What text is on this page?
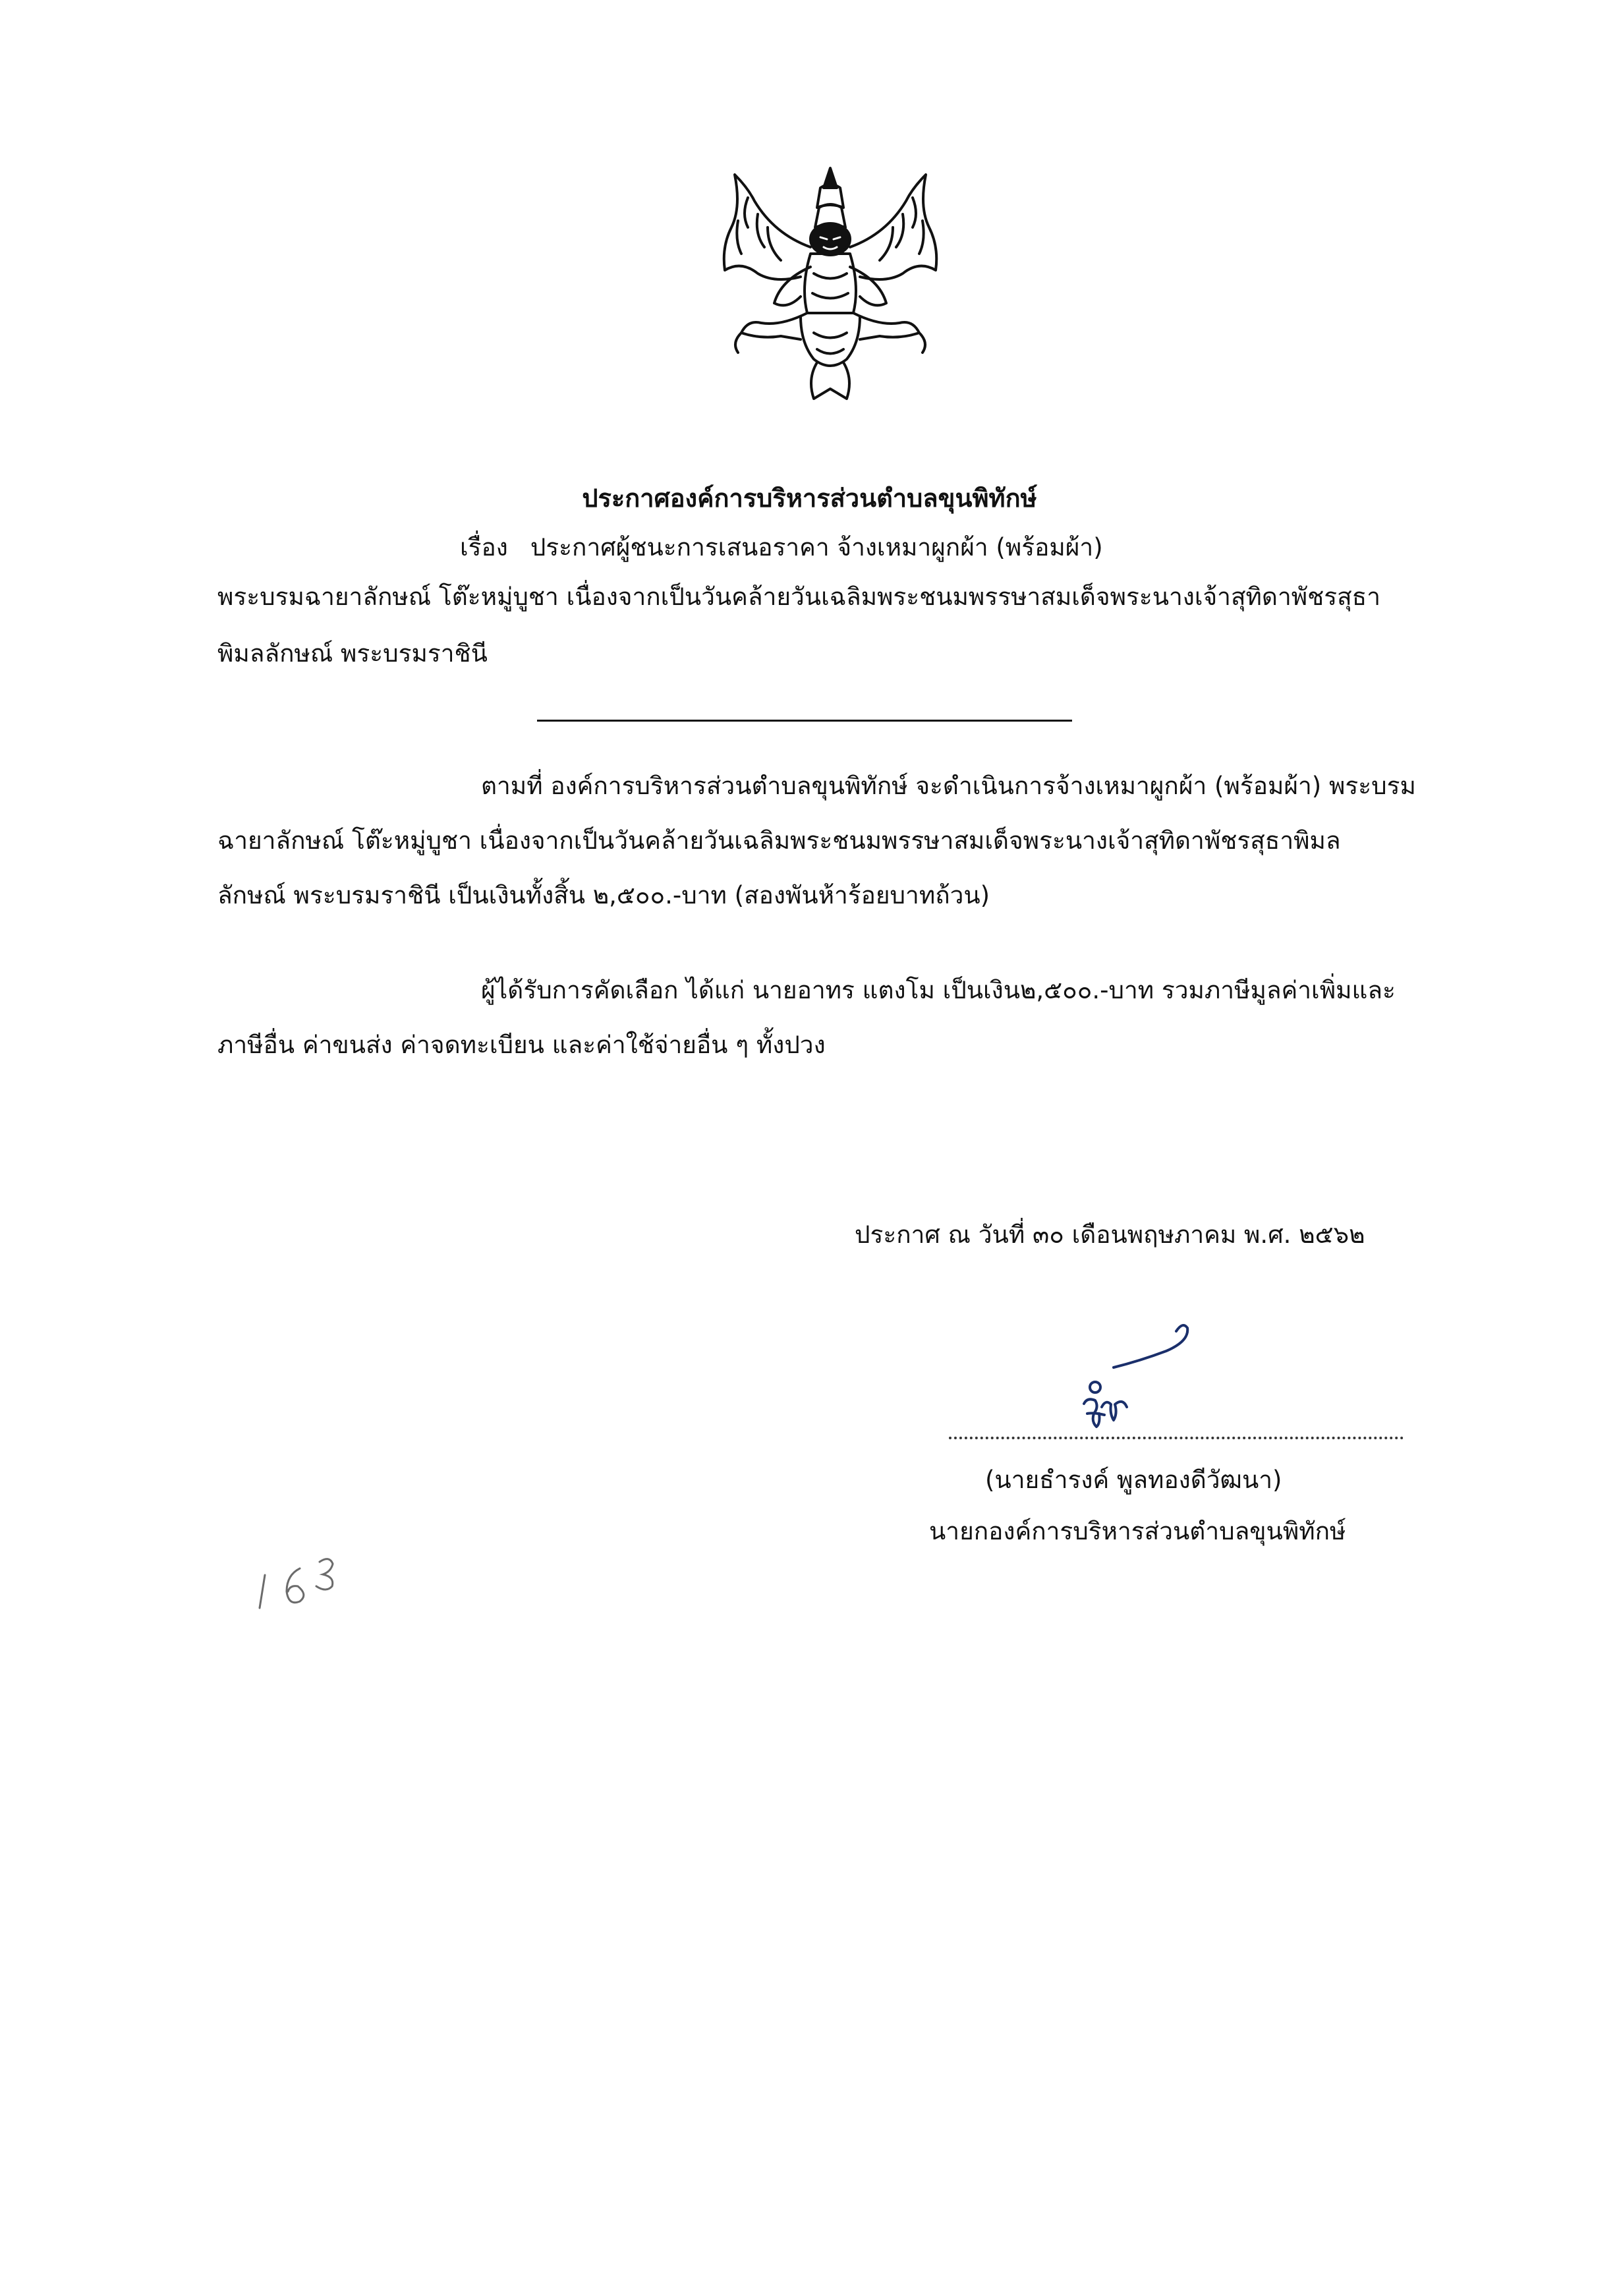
ประกาศองค์การบริหารส่วนตำบลขุนพิทักษ์
เรื่อง ประกาศผู้ชนะการเสนอราคา จ้างเหมาผูกผ้า (พร้อมผ้า)
พระบรมฉายาลักษณ์ โต๊ะหมู่บูชา เนื่องจากเป็นวันคล้ายวันเฉลิมพระชนมพรรษาสมเด็จพระนางเจ้าสุทิดาพัชรสุธา
พิมลลักษณ์ พระบรมราชินี
ตามที่ องค์การบริหารส่วนตำบลขุนพิทักษ์ จะดำเนินการจ้างเหมาผูกผ้า (พร้อมผ้า) พระบรม
ฉายาลักษณ์ โต๊ะหมู่บูชา เนื่องจากเป็นวันคล้ายวันเฉลิมพระชนมพรรษาสมเด็จพระนางเจ้าสุทิดาพัชรสุธาพิมล
ลักษณ์ พระบรมราชินี เป็นเงินทั้งสิ้น ๒,๕๐๐.-บาท (สองพันห้าร้อยบาทถ้วน)
ผู้ได้รับการคัดเลือก ได้แก่ นายอาทร แตงโม เป็นเงิน๒,๕๐๐.-บาท รวมภาษีมูลค่าเพิ่มและ
ภาษีอื่น ค่าขนส่ง ค่าจดทะเบียน และค่าใช้จ่ายอื่น ๆ ทั้งปวง
ประกาศ ณ วันที่ ๓๐ เดือนพฤษภาคม พ.ศ. ๒๕๖๒
(นายธำรงค์ พูลทองดีวัฒนา)
นายกองค์การบริหารส่วนตำบลขุนพิทักษ์
